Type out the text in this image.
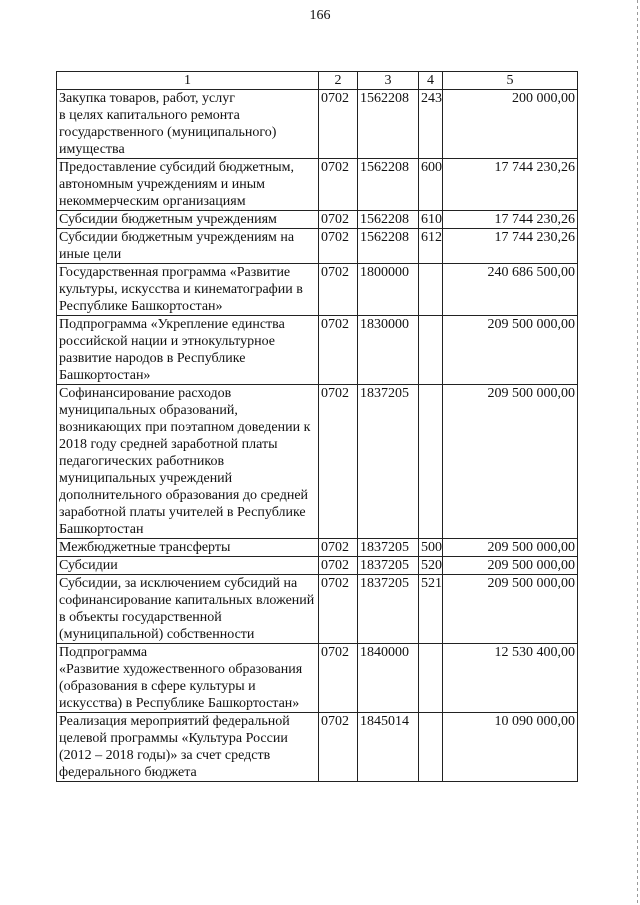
166
1	2	3	4	5
Закупка товаров, работ, услуг
в целях капитального ремонта государственного (муниципального) имущества	0702	1562208	243	200 000,00
Предоставление субсидий бюджетным, автономным учреждениям и иным некоммерческим организациям	0702	1562208	600	17 744 230,26
Субсидии бюджетным учреждениям	0702	1562208	610	17 744 230,26
Субсидии бюджетным учреждениям на иные цели	0702	1562208	612	17 744 230,26
Государственная программа «Развитие культуры, искусства и кинематографии в Республике Башкортостан»	0702	1800000		240 686 500,00
Подпрограмма «Укрепление единства российской нации и этнокультурное развитие народов в Республике Башкортостан»	0702	1830000		209 500 000,00
Софинансирование расходов муниципальных образований, возникающих при поэтапном доведении к 2018 году средней заработной платы педагогических работников муниципальных учреждений дополнительного образования до средней заработной платы учителей в Республике Башкортостан	0702	1837205		209 500 000,00
Межбюджетные трансферты	0702	1837205	500	209 500 000,00
Субсидии	0702	1837205	520	209 500 000,00
Субсидии, за исключением субсидий на софинансирование капитальных вложений в объекты государственной (муниципальной) собственности	0702	1837205	521	209 500 000,00
Подпрограмма
«Развитие художественного образования (образования в сфере культуры и искусства) в Республике Башкортостан»	0702	1840000		12 530 400,00
Реализация мероприятий федеральной целевой программы «Культура России (2012 – 2018 годы)» за счет средств федерального бюджета	0702	1845014		10 090 000,00
